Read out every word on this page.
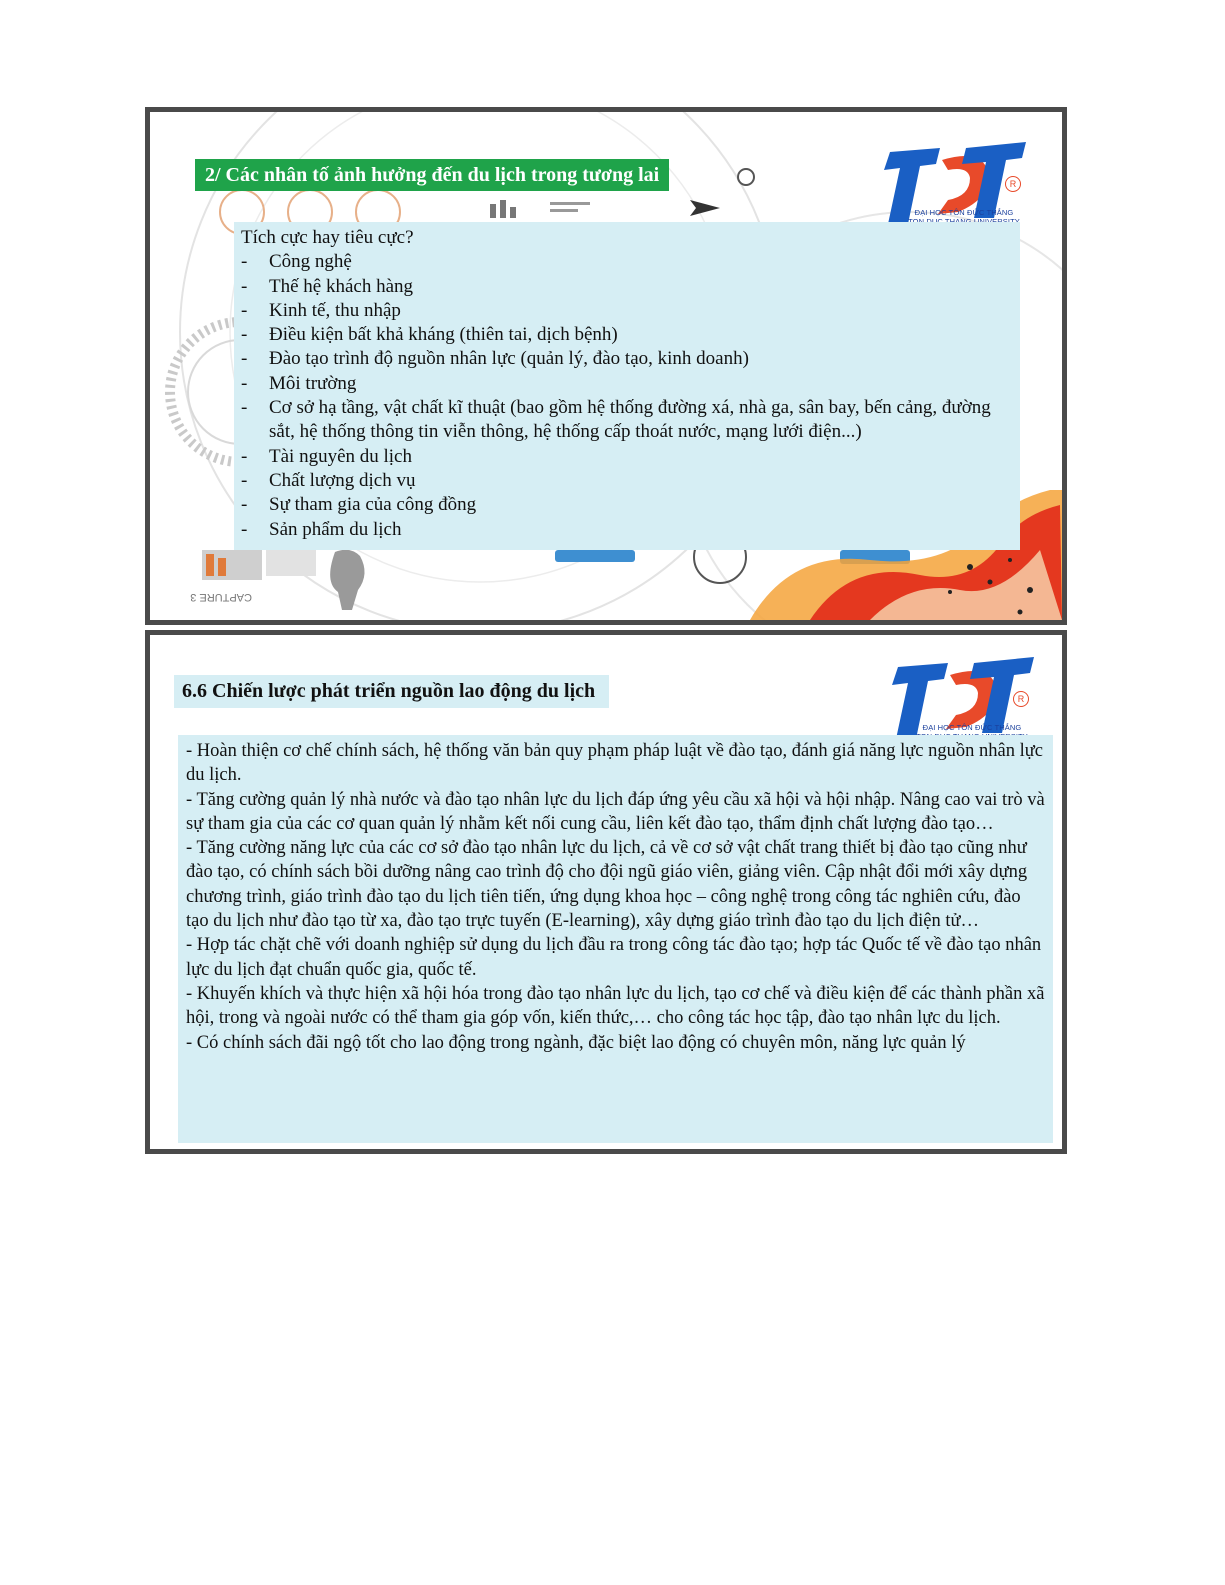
CAPTURE 3
2/ Các nhân tố ảnh hưởng đến du lịch trong tương lai	R
ĐẠI HỌC TÔN ĐỨC THẮNG

Tích cực hay tiêu cực?

-	Công nghệ
-	Thế hệ khách hàng
-	Kinh tế, thu nhập
-	Điều kiện bất khả kháng (thiên tai, dịch bệnh)
-	Đào tạo trình độ nguồn nhân lực (quản lý, đào tạo, kinh doanh)
-	Môi trường
-	Cơ sở hạ tầng, vật chất kĩ thuật (bao gồm hệ thống đường xá, nhà ga, sân bay, bến cảng, đường sắt, hệ thống thông tin viễn thông, hệ thống cấp thoát nước, mạng lưới điện...)
-	Tài nguyên du lịch
-	Chất lượng dịch vụ
-	Sự tham gia của công đồng
-	Sản phẩm du lịch
6.6 Chiến lược phát triển nguồn lao động du lịch	R
ĐẠI HỌC TÔN ĐỨC THẮNG

- Hoàn thiện cơ chế chính sách, hệ thống văn bản quy phạm pháp luật về đào tạo, đánh giá năng lực nguồn nhân lực du lịch.

- Tăng cường quản lý nhà nước và đào tạo nhân lực du lịch đáp ứng yêu cầu xã hội và hội nhập. Nâng cao vai trò và sự tham gia của các cơ quan quản lý nhằm kết nối cung cầu, liên kết đào tạo, thẩm định chất lượng đào tạo…

- Tăng cường năng lực của các cơ sở đào tạo nhân lực du lịch, cả về cơ sở vật chất trang thiết bị đào tạo cũng như đào tạo, có chính sách bồi dưỡng nâng cao trình độ cho đội ngũ giáo viên, giảng viên. Cập nhật đổi mới xây dựng chương trình, giáo trình đào tạo du lịch tiên tiến, ứng dụng khoa học – công nghệ trong công tác nghiên cứu, đào tạo du lịch như đào tạo từ xa, đào tạo trực tuyến (E-learning), xây dựng giáo trình đào tạo du lịch điện tử…

- Hợp tác chặt chẽ với doanh nghiệp sử dụng du lịch đầu ra trong công tác đào tạo; hợp tác Quốc tế về đào tạo nhân lực du lịch đạt chuẩn quốc gia, quốc tế.

- Khuyến khích và thực hiện xã hội hóa trong đào tạo nhân lực du lịch, tạo cơ chế và điều kiện để các thành phần xã hội, trong và ngoài nước có thể tham gia góp vốn, kiến thức,… cho công tác học tập, đào tạo nhân lực du lịch.

- Có chính sách đãi ngộ tốt cho lao động trong ngành, đặc biệt lao động có chuyên môn, năng lực quản lý
